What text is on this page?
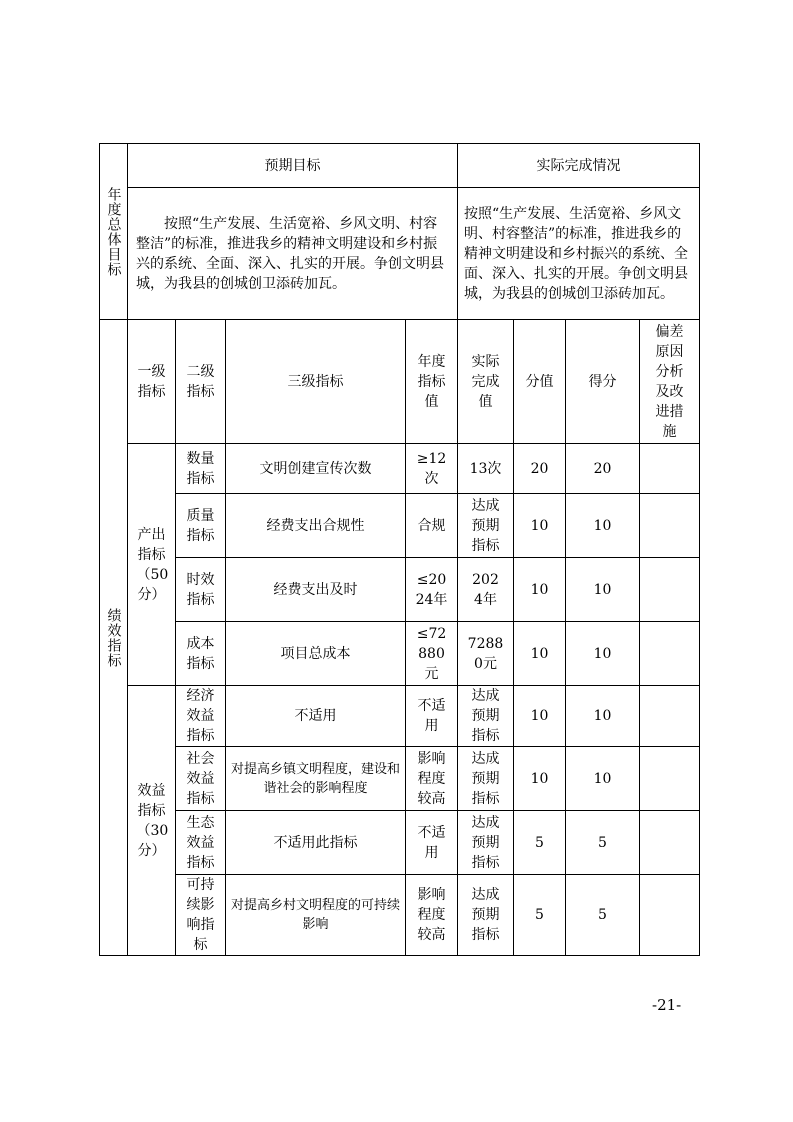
年度总体目标	预期目标				实际完成情况			
	按照“生产发展、生活宽裕、乡风文明、村容整洁”的标准，推进我乡的精神文明建设和乡村振兴的系统、全面、深入、扎实的开展。争创文明县城，为我县的创城创卫添砖加瓦。				按照“生产发展、生活宽裕、乡风文明、村容整洁”的标准，推进我乡的精神文明建设和乡村振兴的系统、全面、深入、扎实的开展。争创文明县城，为我县的创城创卫添砖加瓦。			

绩效指标	一级指标	二级指标	三级指标	年度指标值	实际完成值	分值	得分	偏差原因分析及改进措施

	产出指标（50分）	数量指标	文明创建宣传次数	≥12次	13次	20	20	

		质量指标	经费支出合规性	合规	达成预期指标	10	10	

		时效指标	经费支出及时	≤2024年	2024年	10	10	

		成本指标	项目总成本	≤72880元	72880元	10	10	

	效益指标（30分）	经济效益指标	不适用	不适用	达成预期指标	10	10	

		社会效益指标	对提高乡镇文明程度，建设和谐社会的影响程度	影响程度较高	达成预期指标	10	10	

		生态效益指标	不适用此指标	不适用	达成预期指标	5	5	

		可持续影响指标	对提高乡村文明程度的可持续影响	影响程度较高	达成预期指标	5	5	
-21-
